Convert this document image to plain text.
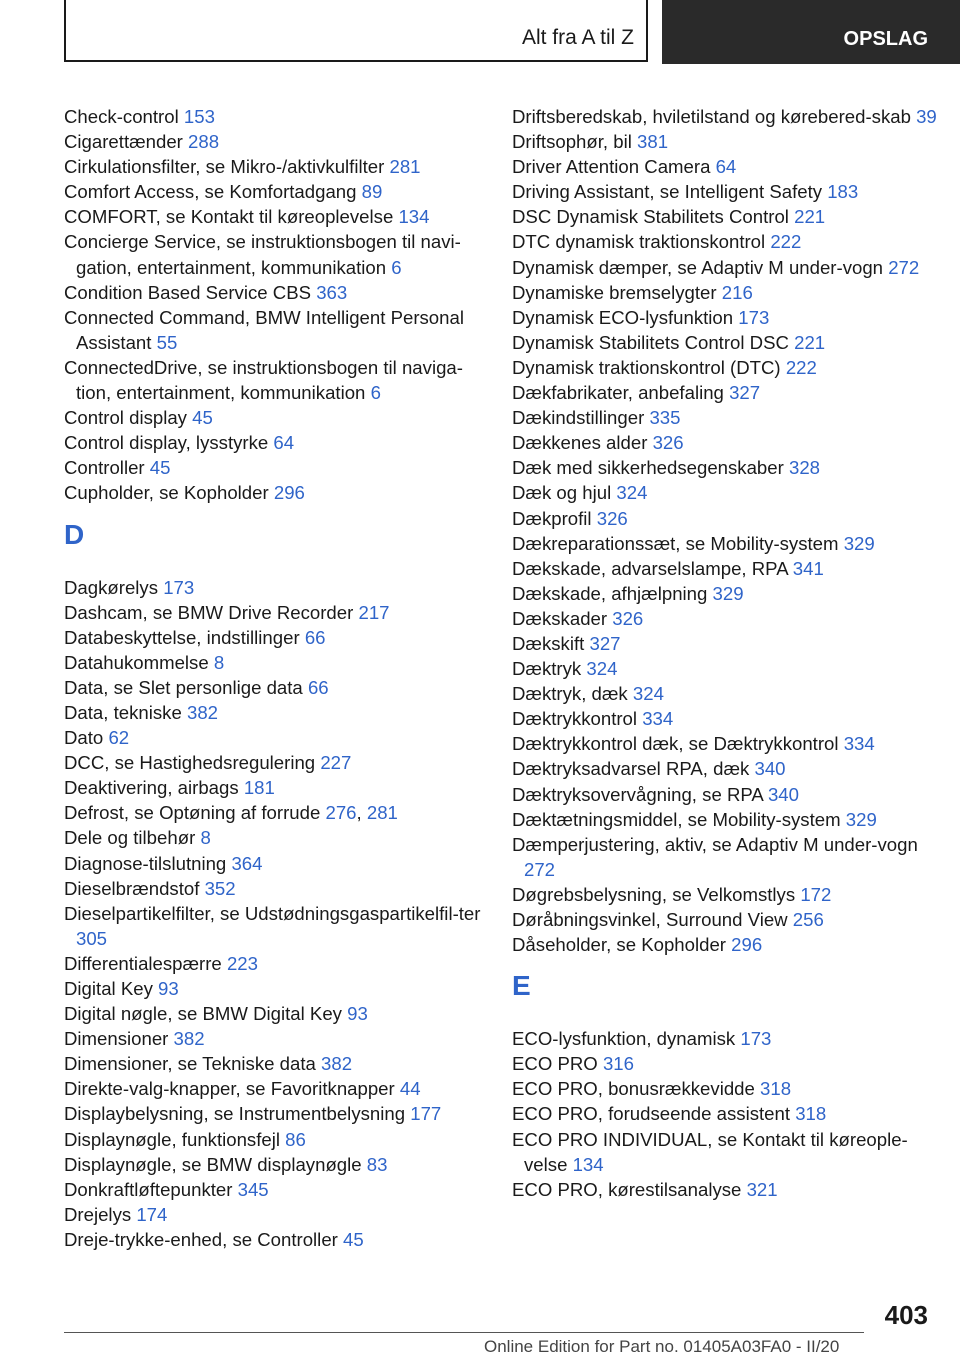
Alt fra A til Z	OPSLAG
Check-control 153
Cigarettænder 288
Cirkulationsfilter, se Mikro-/aktivkulfilter 281
Comfort Access, se Komfortadgang 89
COMFORT, se Kontakt til køreoplevelse 134
Concierge Service, se instruktionsbogen til navi‐gation, entertainment, kommunikation 6
Condition Based Service CBS 363
Connected Command, BMW Intelligent Personal Assistant 55
ConnectedDrive, se instruktionsbogen til naviga‐tion, entertainment, kommunikation 6
Control display 45
Control display, lysstyrke 64
Controller 45
Cupholder, se Kopholder 296
D
Dagkørelys 173
Dashcam, se BMW Drive Recorder 217
Databeskyttelse, indstillinger 66
Datahukommelse 8
Data, se Slet personlige data 66
Data, tekniske 382
Dato 62
DCC, se Hastighedsregulering 227
Deaktivering, airbags 181
Defrost, se Optøning af forrude 276, 281
Dele og tilbehør 8
Diagnose-tilslutning 364
Dieselbrændstof 352
Dieselpartikelfilter, se Udstødningsgaspartikelfil‐ter 305
Differentialespærre 223
Digital Key 93
Digital nøgle, se BMW Digital Key 93
Dimensioner 382
Dimensioner, se Tekniske data 382
Direkte-valg-knapper, se Favoritknapper 44
Displaybelysning, se Instrumentbelysning 177
Displaynøgle, funktionsfejl 86
Displaynøgle, se BMW displaynøgle 83
Donkraftløftepunkter 345
Drejelys 174
Dreje-trykke-enhed, se Controller 45
Driftsberedskab, hviletilstand og kørebered‐skab 39
Driftsophør, bil 381
Driver Attention Camera 64
Driving Assistant, se Intelligent Safety 183
DSC Dynamisk Stabilitets Control 221
DTC dynamisk traktionskontrol 222
Dynamisk dæmper, se Adaptiv M under‐vogn 272
Dynamiske bremselygter 216
Dynamisk ECO-lysfunktion 173
Dynamisk Stabilitets Control DSC 221
Dynamisk traktionskontrol (DTC) 222
Dækfabrikater, anbefaling 327
Dækindstillinger 335
Dækkenes alder 326
Dæk med sikkerhedsegenskaber 328
Dæk og hjul 324
Dækprofil 326
Dækreparationssæt, se Mobility-system 329
Dækskade, advarselslampe, RPA 341
Dækskade, afhjælpning 329
Dækskader 326
Dækskift 327
Dæktryk 324
Dæktryk, dæk 324
Dæktrykkontrol 334
Dæktrykkontrol dæk, se Dæktrykkontrol 334
Dæktryksadvarsel RPA, dæk 340
Dæktryksovervågning, se RPA 340
Dæktætningsmiddel, se Mobility-system 329
Dæmperjustering, aktiv, se Adaptiv M under‐vogn 272
Døgrebsbelysning, se Velkomstlys 172
Døråbningsvinkel, Surround View 256
Dåseholder, se Kopholder 296
E
ECO-lysfunktion, dynamisk 173
ECO PRO 316
ECO PRO, bonusrækkevidde 318
ECO PRO, forudseende assistent 318
ECO PRO INDIVIDUAL, se Kontakt til køreople‐velse 134
ECO PRO, kørestilsanalyse 321
403
Online Edition for Part no. 01405A03FA0 - II/20
